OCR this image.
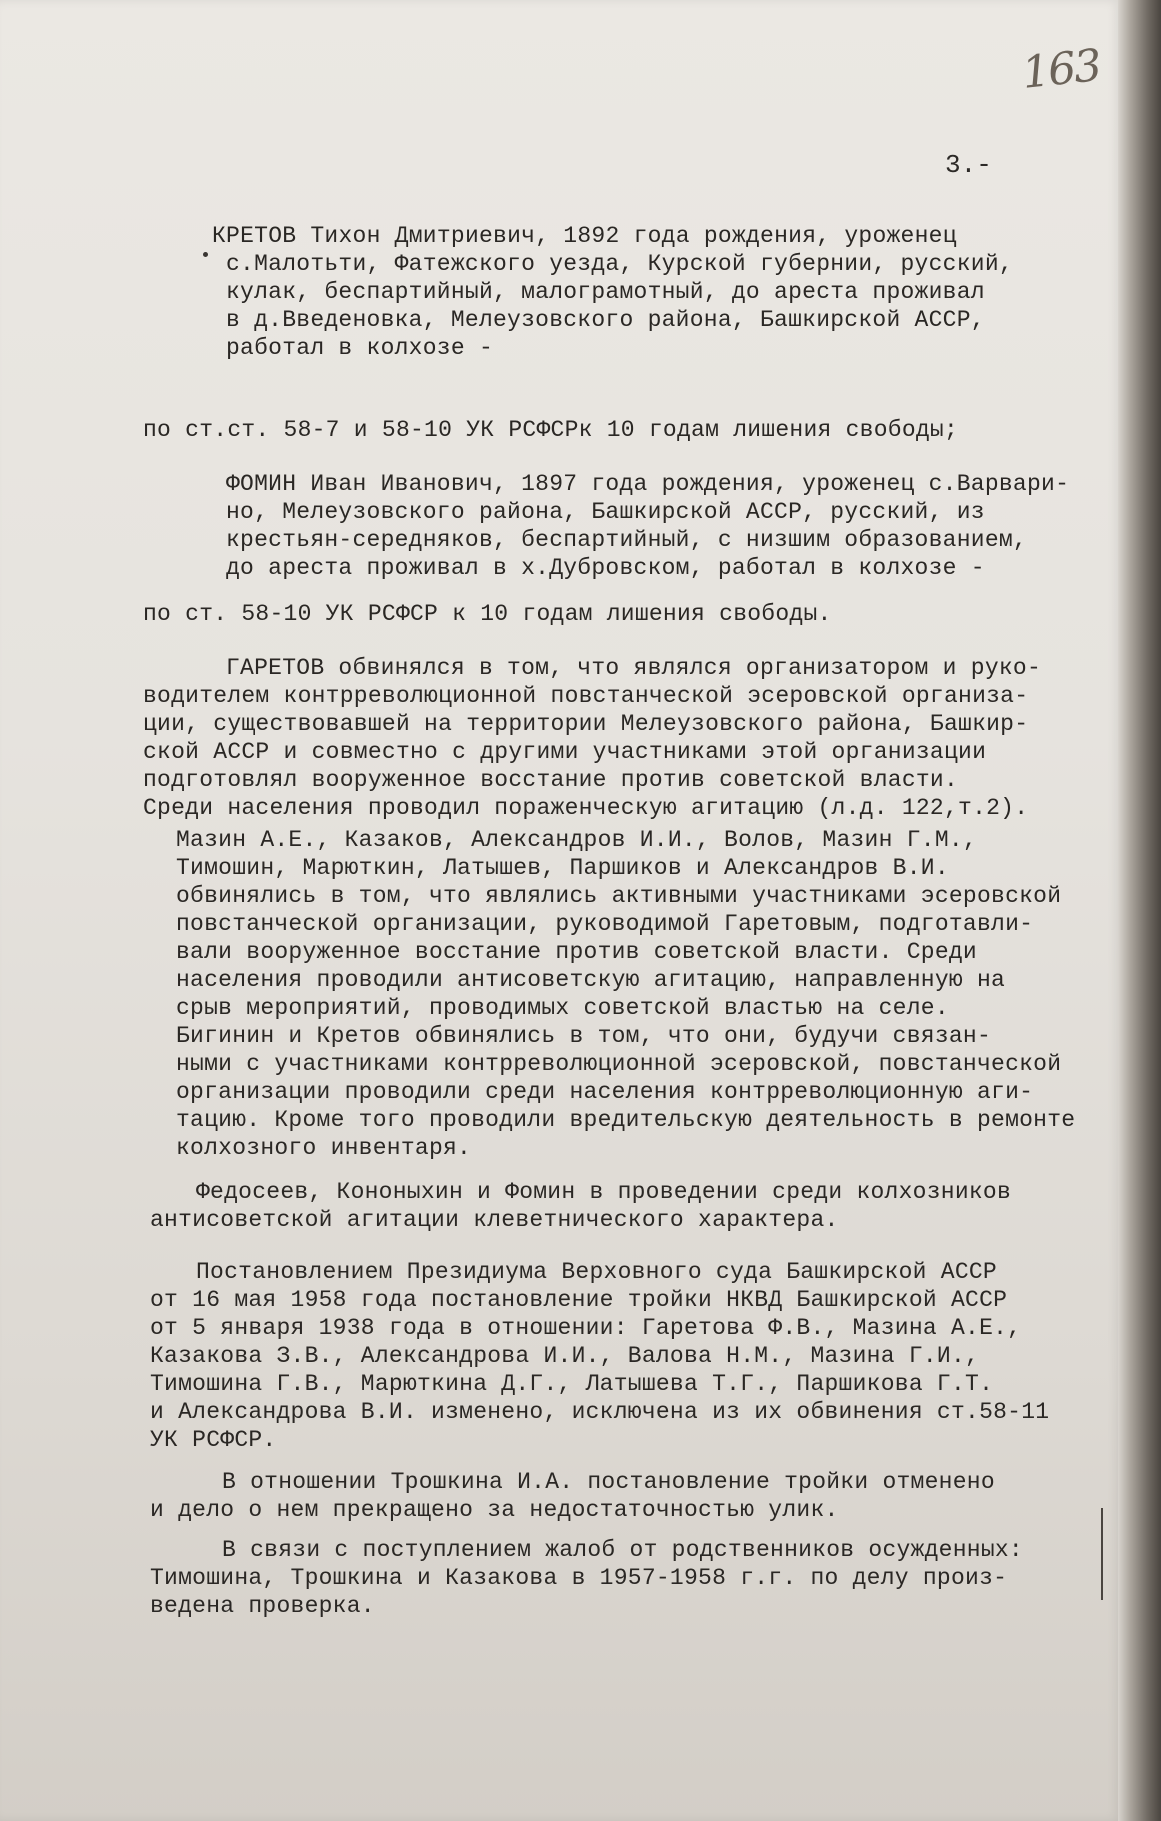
163
3.-
КРЕТОВ Тихон Дмитриевич, 1892 года рождения, уроженец
с.Малотьти, Фатежского уезда, Курской губернии, русский,
кулак, беспартийный, малограмотный, до ареста проживал
в д.Введеновка, Мелеузовского района, Башкирской АССР,
работал в колхозе -
по ст.ст. 58-7 и 58-10 УК РСФСРк 10 годам лишения свободы;
ФОМИН Иван Иванович, 1897 года рождения, уроженец с.Варвари-
но, Мелеузовского района, Башкирской АССР, русский, из
крестьян-середняков, беспартийный, с низшим образованием,
до ареста проживал в х.Дубровском, работал в колхозе -
по ст. 58-10 УК РСФСР к 10 годам лишения свободы.
ГАРЕТОВ обвинялся в том, что являлся организатором и руко-
водителем контрреволюционной повстанческой эсеровской организа-
ции, существовавшей на территории Мелеузовского района, Башкир-
ской АССР и совместно с другими участниками этой организации
подготовлял вооруженное восстание против советской власти.
Среди населения проводил пораженческую агитацию (л.д. 122,т.2).
Мазин А.Е., Казаков, Александров И.И., Волов, Мазин Г.М.,
Тимошин, Марюткин, Латышев, Паршиков и Александров В.И.
обвинялись в том, что являлись активными участниками эсеровской
повстанческой организации, руководимой Гаретовым, подготавли-
вали вооруженное восстание против советской власти. Среди
населения проводили антисоветскую агитацию, направленную на
срыв мероприятий, проводимых советской властью на селе.
Бигинин и Кретов обвинялись в том, что они, будучи связан-
ными с участниками контрреволюционной эсеровской, повстанческой
организации проводили среди населения контрреволюционную аги-
тацию. Кроме того проводили вредительскую деятельность в ремонте
колхозного инвентаря.
Федосеев, Кононыхин и Фомин в проведении среди колхозников
антисоветской агитации клеветнического характера.
Постановлением Президиума Верховного суда Башкирской АССР
от 16 мая 1958 года постановление тройки НКВД Башкирской АССР
от 5 января 1938 года в отношении: Гаретова Ф.В., Мазина А.Е.,
Казакова З.В., Александрова И.И., Валова Н.М., Мазина Г.И.,
Тимошина Г.В., Марюткина Д.Г., Латышева Т.Г., Паршикова Г.Т.
и Александрова В.И. изменено, исключена из их обвинения ст.58-11
УК РСФСР.
В отношении Трошкина И.А. постановление тройки отменено
и дело о нем прекращено за недостаточностью улик.
В связи с поступлением жалоб от родственников осужденных:
Тимошина, Трошкина и Казакова в 1957-1958 г.г. по делу произ-
ведена проверка.
